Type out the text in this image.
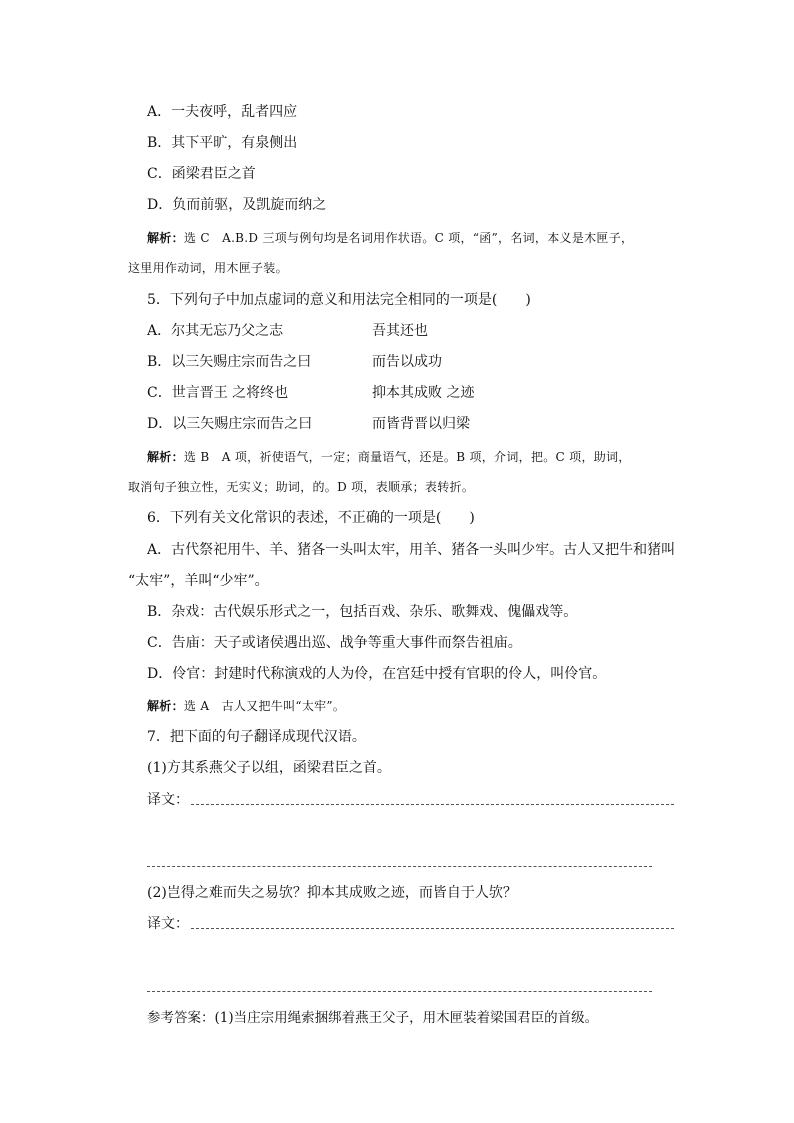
A．一夫夜呼，乱者四应
B．其下平旷，有泉侧出
C．函梁君臣之首
D．负而前驱，及凯旋而纳之
解析：选 C　A.B.D 三项与例句均是名词用作状语。C 项，“函”，名词，本义是木匣子，
这里用作动词，用木匣子装。
5．下列句子中加点虚词的意义和用法完全相同的一项是(　　)
A．尔其无忘乃父之志	吾其还也
B．以三矢赐庄宗而告之曰	而告以成功
C．世言晋王 之将终也	抑本其成败 之迹
D．以三矢赐庄宗而告之曰	而皆背晋以归梁
解析：选 B　A 项，祈使语气，一定；商量语气，还是。B 项，介词，把。C 项，助词，
取消句子独立性，无实义；助词，的。D 项，表顺承；表转折。
6．下列有关文化常识的表述，不正确的一项是(　　)
A．古代祭祀用牛、羊、猪各一头叫太牢，用羊、猪各一头叫少牢。古人又把牛和猪叫
“太牢”，羊叫“少牢”。
B．杂戏：古代娱乐形式之一，包括百戏、杂乐、歌舞戏、傀儡戏等。
C．告庙：天子或诸侯遇出巡、战争等重大事件而祭告祖庙。
D．伶官：封建时代称演戏的人为伶，在宫廷中授有官职的伶人，叫伶官。
解析：选 A　古人又把牛叫“太牢”。
7．把下面的句子翻译成现代汉语。
(1)方其系燕父子以组，函梁君臣之首。
译文：
(2)岂得之难而失之易欤？抑本其成败之迹，而皆自于人欤？
译文：
参考答案：(1)当庄宗用绳索捆绑着燕王父子，用木匣装着梁国君臣的首级。
